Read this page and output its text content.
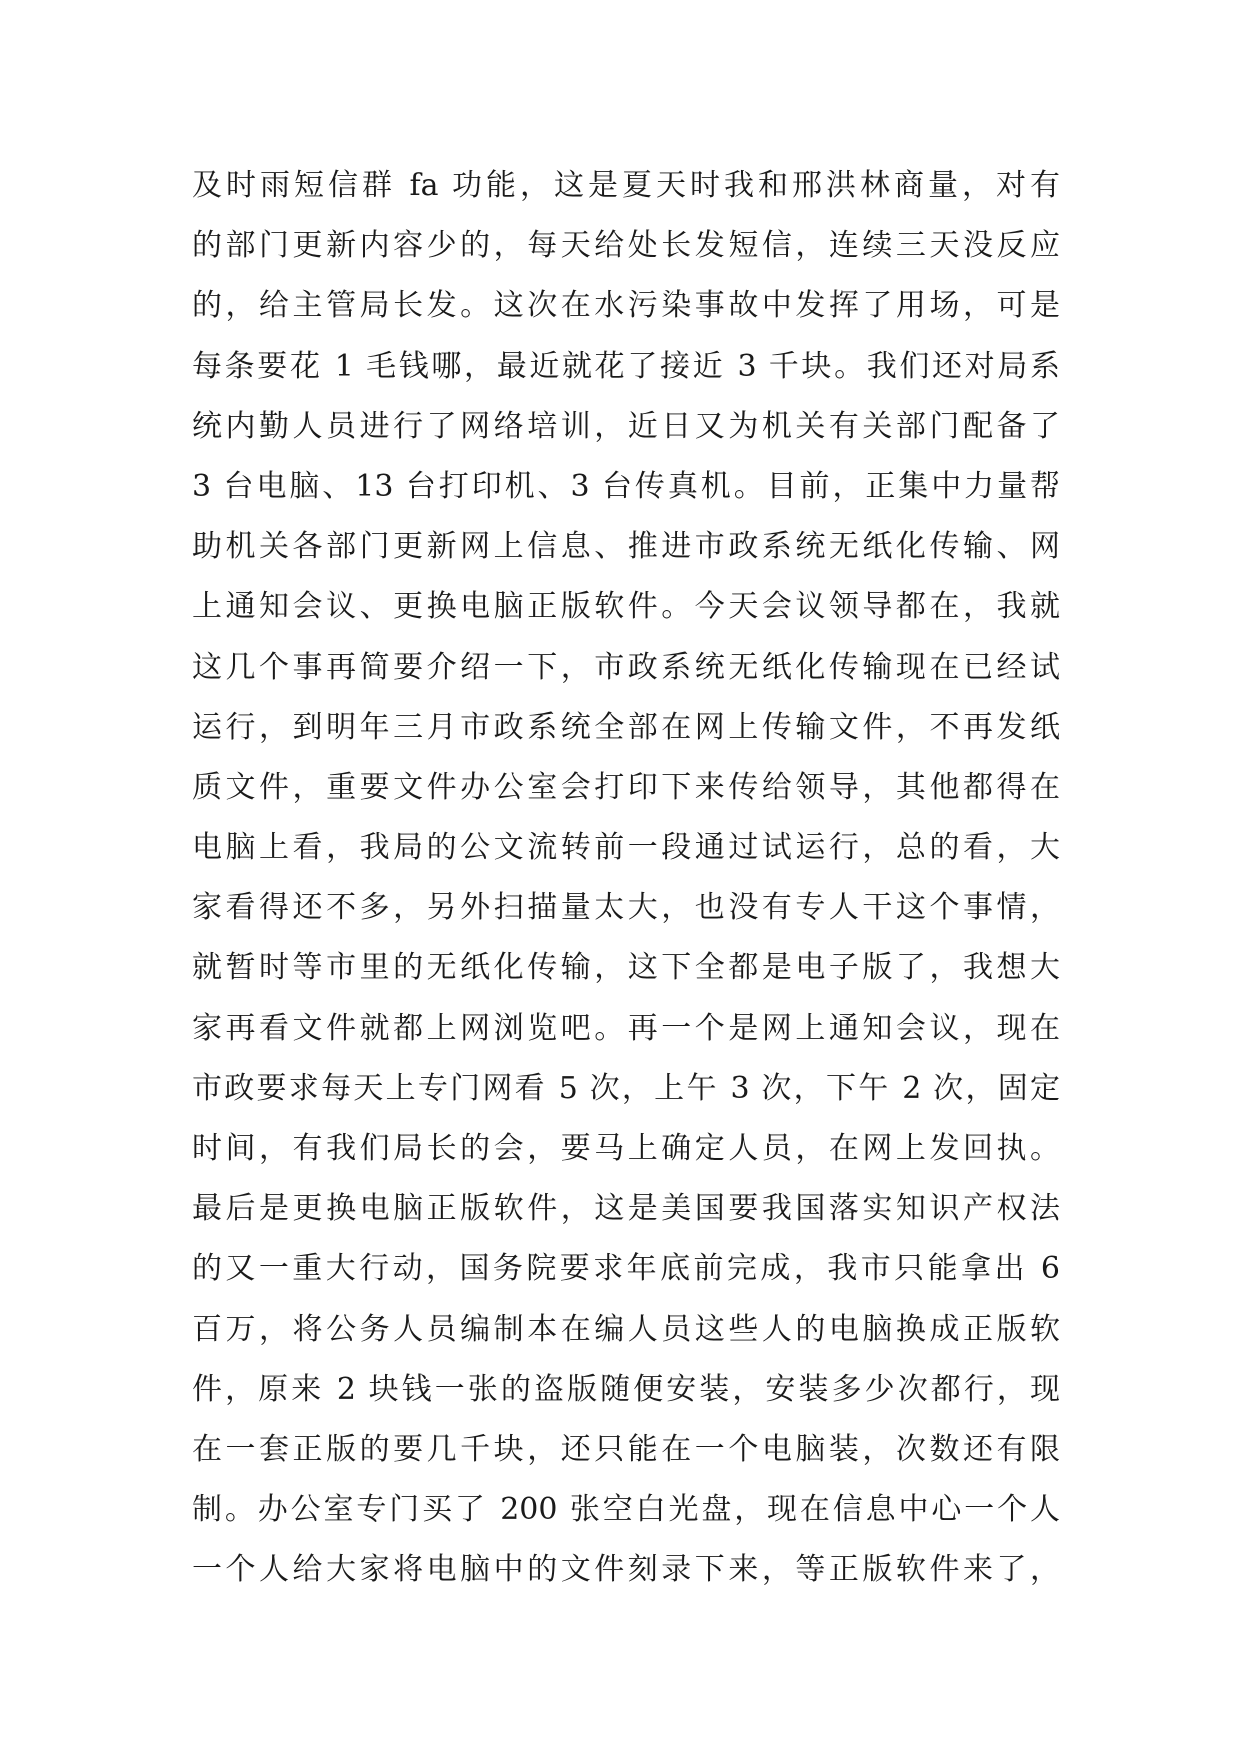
及时雨短信群 fa 功能，这是夏天时我和邢洪林商量，对有
的部门更新内容少的，每天给处长发短信，连续三天没反应
的，给主管局长发。这次在水污染事故中发挥了用场，可是
每条要花 1 毛钱哪，最近就花了接近 3 千块。我们还对局系
统内勤人员进行了网络培训，近日又为机关有关部门配备了
3 台电脑、13 台打印机、3 台传真机。目前，正集中力量帮
助机关各部门更新网上信息、推进市政系统无纸化传输、网
上通知会议、更换电脑正版软件。今天会议领导都在，我就
这几个事再简要介绍一下，市政系统无纸化传输现在已经试
运行，到明年三月市政系统全部在网上传输文件，不再发纸
质文件，重要文件办公室会打印下来传给领导，其他都得在
电脑上看，我局的公文流转前一段通过试运行，总的看，大
家看得还不多，另外扫描量太大，也没有专人干这个事情，
就暂时等市里的无纸化传输，这下全都是电子版了，我想大
家再看文件就都上网浏览吧。再一个是网上通知会议，现在
市政要求每天上专门网看 5 次，上午 3 次，下午 2 次，固定
时间，有我们局长的会，要马上确定人员，在网上发回执。
最后是更换电脑正版软件，这是美国要我国落实知识产权法
的又一重大行动，国务院要求年底前完成，我市只能拿出 6
百万，将公务人员编制本在编人员这些人的电脑换成正版软
件，原来 2 块钱一张的盗版随便安装，安装多少次都行，现
在一套正版的要几千块，还只能在一个电脑装，次数还有限
制。办公室专门买了 200 张空白光盘，现在信息中心一个人
一个人给大家将电脑中的文件刻录下来，等正版软件来了，
